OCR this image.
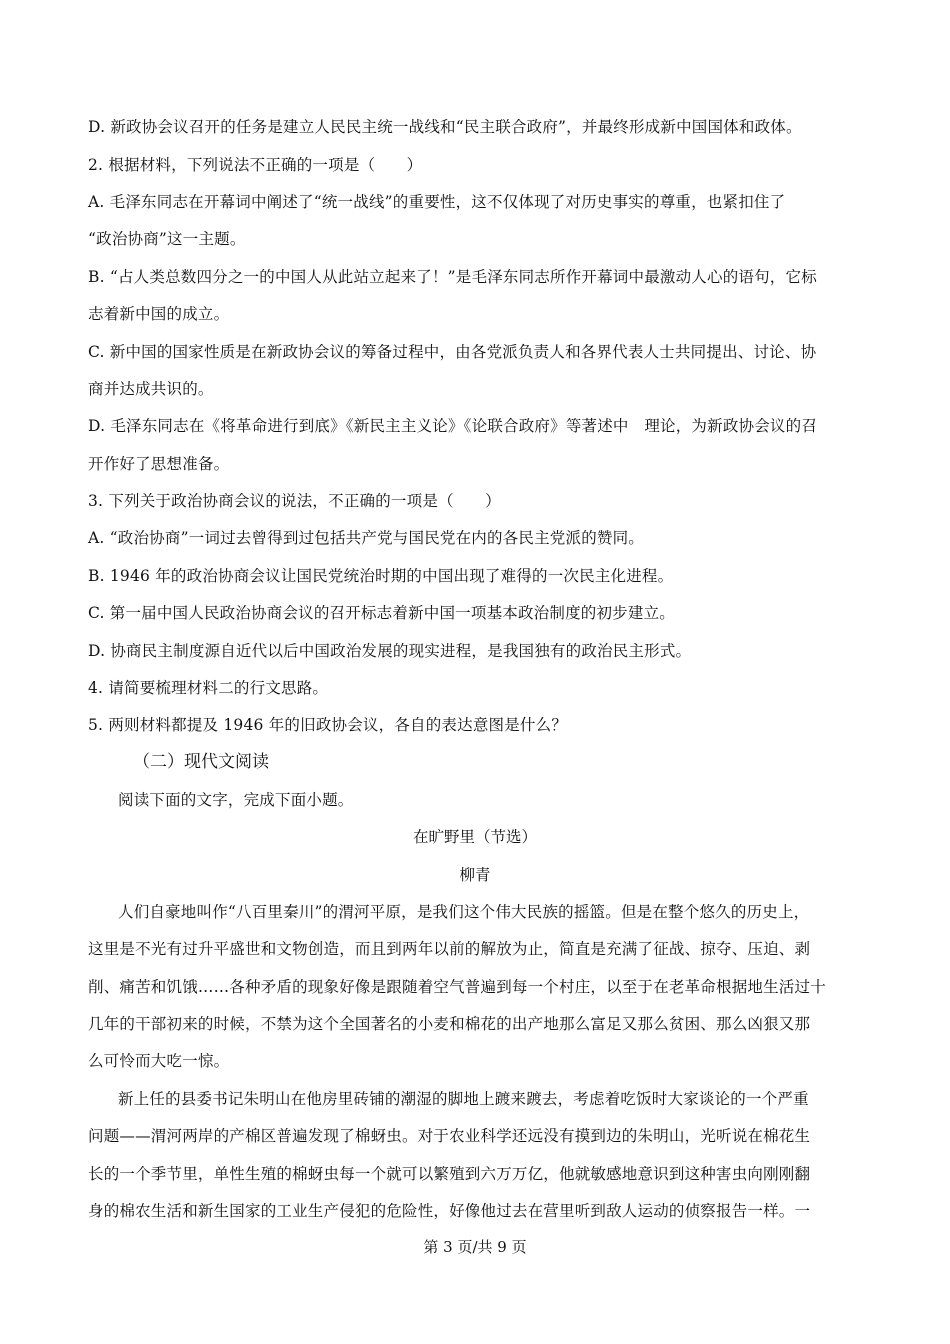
D. 新政协会议召开的任务是建立人民民主统一战线和“民主联合政府”，并最终形成新中国国体和政体。
2. 根据材料，下列说法不正确的一项是（　　）
A. 毛泽东同志在开幕词中阐述了“统一战线”的重要性，这不仅体现了对历史事实的尊重，也紧扣住了
“政治协商”这一主题。
B. “占人类总数四分之一的中国人从此站立起来了！”是毛泽东同志所作开幕词中最激动人心的语句，它标
志着新中国的成立。
C. 新中国的国家性质是在新政协会议的筹备过程中，由各党派负责人和各界代表人士共同提出、讨论、协
商并达成共识的。
D. 毛泽东同志在《将革命进行到底》《新民主主义论》《论联合政府》等著述中　理论，为新政协会议的召
开作好了思想准备。
3. 下列关于政治协商会议的说法，不正确的一项是（　　）
A. “政治协商”一词过去曾得到过包括共产党与国民党在内的各民主党派的赞同。
B. 1946 年的政治协商会议让国民党统治时期的中国出现了难得的一次民主化进程。
C. 第一届中国人民政治协商会议的召开标志着新中国一项基本政治制度的初步建立。
D. 协商民主制度源自近代以后中国政治发展的现实进程，是我国独有的政治民主形式。
4. 请简要梳理材料二的行文思路。
5. 两则材料都提及 1946 年的旧政协会议，各自的表达意图是什么？
（二）现代文阅读
阅读下面的文字，完成下面小题。
在旷野里（节选）
柳青
人们自豪地叫作“八百里秦川”的渭河平原，是我们这个伟大民族的摇篮。但是在整个悠久的历史上，
这里是不光有过升平盛世和文物创造，而且到两年以前的解放为止，简直是充满了征战、掠夺、压迫、剥
削、痛苦和饥饿……各种矛盾的现象好像是跟随着空气普遍到每一个村庄，以至于在老革命根据地生活过十
几年的干部初来的时候，不禁为这个全国著名的小麦和棉花的出产地那么富足又那么贫困、那么凶狠又那
么可怜而大吃一惊。
新上任的县委书记朱明山在他房里砖铺的潮湿的脚地上踱来踱去，考虑着吃饭时大家谈论的一个严重
问题——渭河两岸的产棉区普遍发现了棉蚜虫。对于农业科学还远没有摸到边的朱明山，光听说在棉花生
长的一个季节里，单性生殖的棉蚜虫每一个就可以繁殖到六万万亿，他就敏感地意识到这种害虫向刚刚翻
身的棉农生活和新生国家的工业生产侵犯的危险性，好像他过去在营里听到敌人运动的侦察报告一样。一
第 3 页/共 9 页
